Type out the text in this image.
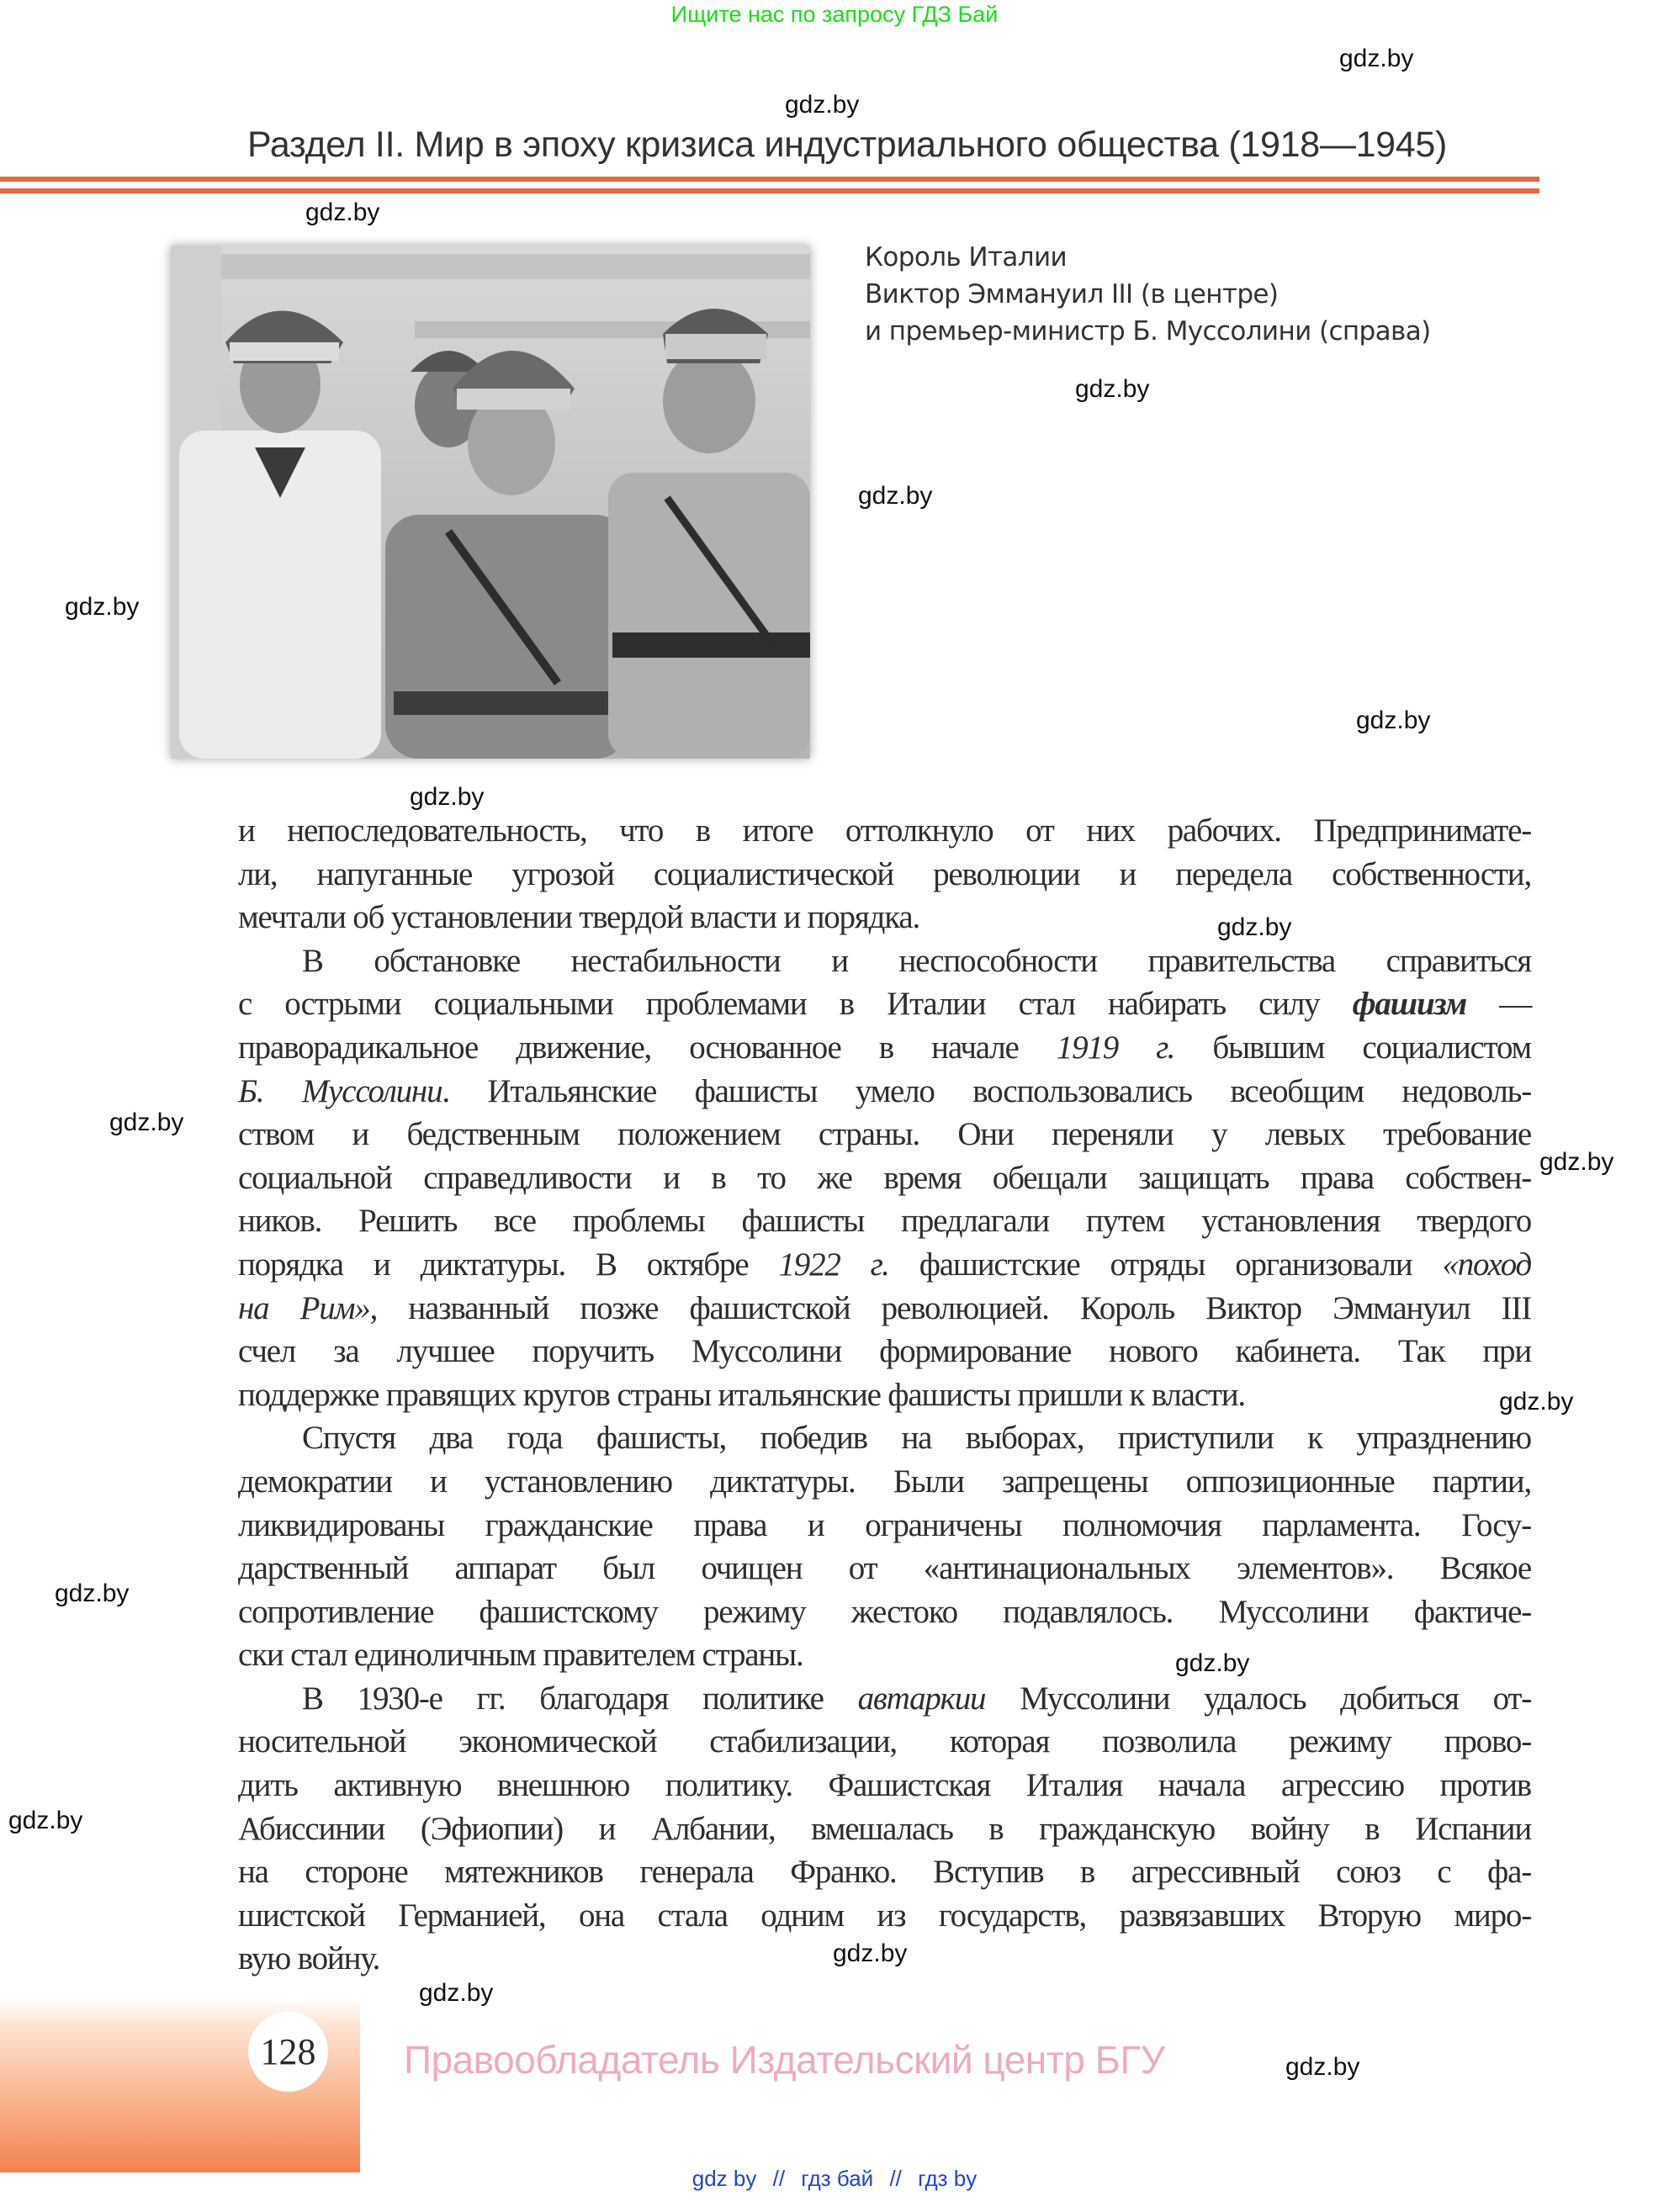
Ищите нас по запросу ГДЗ Бай
Раздел II. Мир в эпоху кризиса индустриального общества (1918—1945)
Король Италии
Виктор Эммануил III (в центре)
и премьер-министр Б. Муссолини (справа)

и непоследовательность, что в итоге оттолкнуло от них рабочих. Предпринимате-
ли, напуганные угрозой социалистической революции и передела собственности,
мечтали об установлении твердой власти и порядка.

В обстановке нестабильности и неспособности правительства справиться
с острыми социальными проблемами в Италии стал набирать силу фашизм —
праворадикальное движение, основанное в начале 1919 г. бывшим социалистом
Б. Муссолини. Итальянские фашисты умело воспользовались всеобщим недоволь-
ством и бедственным положением страны. Они переняли у левых требование
социальной справедливости и в то же время обещали защищать права собствен-
ников. Решить все проблемы фашисты предлагали путем установления твердого
порядка и диктатуры. В октябре 1922 г. фашистские отряды организовали «поход
на Рим», названный позже фашистской революцией. Король Виктор Эммануил III
счел за лучшее поручить Муссолини формирование нового кабинета. Так при
поддержке правящих кругов страны итальянские фашисты пришли к власти.

Спустя два года фашисты, победив на выборах, приступили к упразднению
демократии и установлению диктатуры. Были запрещены оппозиционные партии,
ликвидированы гражданские права и ограничены полномочия парламента. Госу-
дарственный аппарат был очищен от «антинациональных элементов». Всякое
сопротивление фашистскому режиму жестоко подавлялось. Муссолини фактиче-
ски стал единоличным правителем страны.

В 1930-е гг. благодаря политике автаркии Муссолини удалось добиться от-
носительной экономической стабилизации, которая позволила режиму прово-
дить активную внешнюю политику. Фашистская Италия начала агрессию против
Абиссинии (Эфиопии) и Албании, вмешалась в гражданскую войну в Испании
на стороне мятежников генерала Франко. Вступив в агрессивный союз с фа-
шистской Германией, она стала одним из государств, развязавших Вторую миро-
вую войну.

128 Правообладатель Издательский центр БГУ
gdz by // гдз бай // гдз by
gdz.by
gdz.by
gdz.by
gdz.by
gdz.by
gdz.by
gdz.by
gdz.by
gdz.by
gdz.by
gdz.by
gdz.by
gdz.by
gdz.by
gdz.by
gdz.by
gdz.by
gdz.by
